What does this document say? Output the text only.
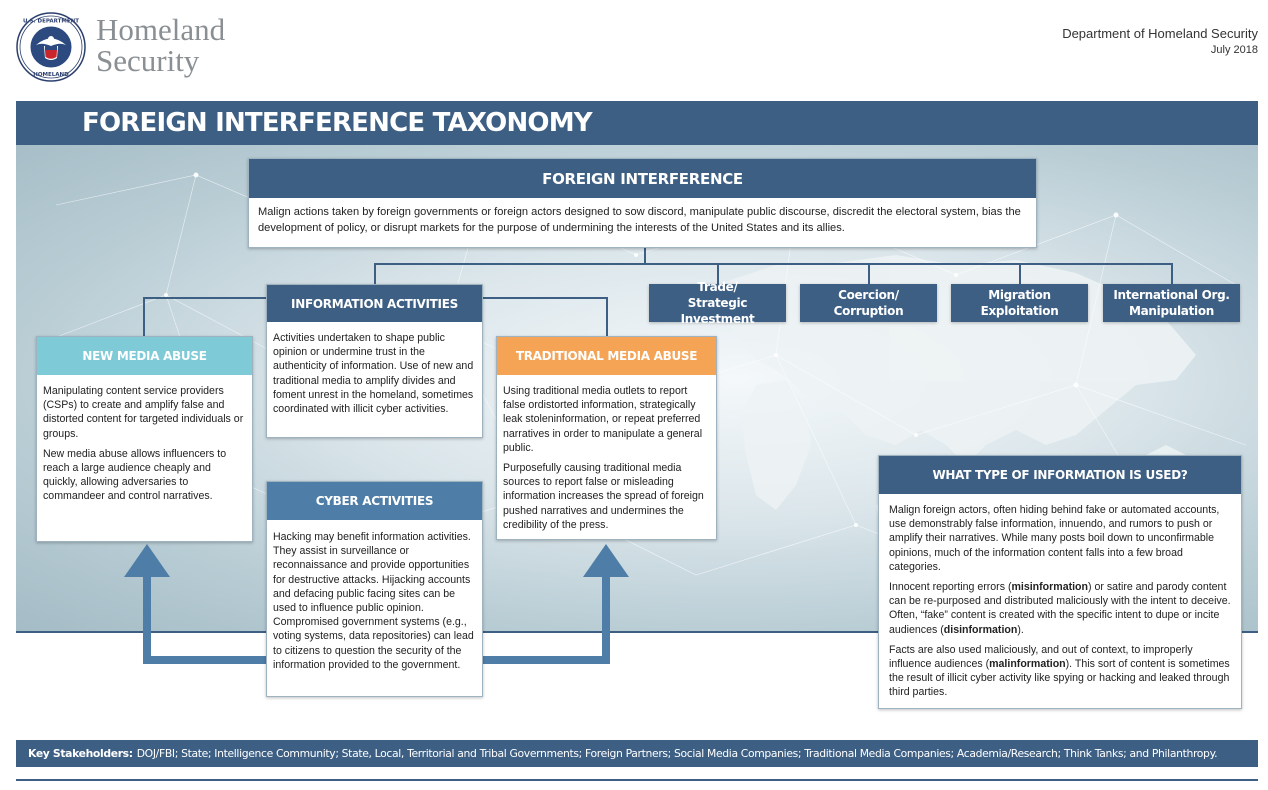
U.S. DEPARTMENT
HOMELAND
Homeland
Security
Department of Homeland Security
July 2018
FOREIGN INTERFERENCE TAXONOMY
FOREIGN INTERFERENCE
Malign actions taken by foreign governments or foreign actors designed to sow discord, manipulate public discourse, discredit the electoral system, bias the development of policy, or disrupt markets for the purpose of undermining the interests of the United States and its allies.
Trade/
Strategic Investment
Coercion/
Corruption
Migration
Exploitation
International Org.
Manipulation
INFORMATION ACTIVITIES
Activities undertaken to shape public opinion or undermine trust in the authenticity of information. Use of new and traditional media to amplify divides and foment unrest in the homeland, sometimes coordinated with illicit cyber activities.
NEW MEDIA ABUSE

Manipulating content service providers (CSPs) to create and amplify false and distorted content for targeted individuals or groups.

New media abuse allows influencers to reach a large audience cheaply and quickly, allowing adversaries to commandeer and control narratives.

TRADITIONAL MEDIA ABUSE

Using traditional media outlets to report false ordistorted information, strategically leak stoleninformation, or repeat preferred narratives in order to manipulate a general public.

Purposefully causing traditional media sources to report false or misleading information increases the spread of foreign pushed narratives and undermines the credibility of the press.

CYBER ACTIVITIES
Hacking may benefit information activities. They assist in surveillance or reconnaissance and provide opportunities for destructive attacks. Hijacking accounts and defacing public facing sites can be used to influence public opinion. Compromised government systems (e.g., voting systems, data repositories) can lead to citizens to question the security of the information provided to the government.
WHAT TYPE OF INFORMATION IS USED?

Malign foreign actors, often hiding behind fake or automated accounts, use demonstrably false information, innuendo, and rumors to push or amplify their narratives. While many posts boil down to unconfirmable opinions, much of the information content falls into a few broad categories.

Innocent reporting errors (misinformation) or satire and parody content can be re-purposed and distributed maliciously with the intent to deceive. Often, “fake” content is created with the specific intent to dupe or incite audiences (disinformation).

Facts are also used maliciously, and out of context, to improperly influence audiences (malinformation). This sort of content is sometimes the result of illicit cyber activity like spying or hacking and leaked through third parties.

Key Stakeholders: DOJ/FBI; State; Intelligence Community; State, Local, Territorial and Tribal Governments; Foreign Partners; Social Media Companies; Traditional Media Companies; Academia/Research; Think Tanks; and Philanthropy.
